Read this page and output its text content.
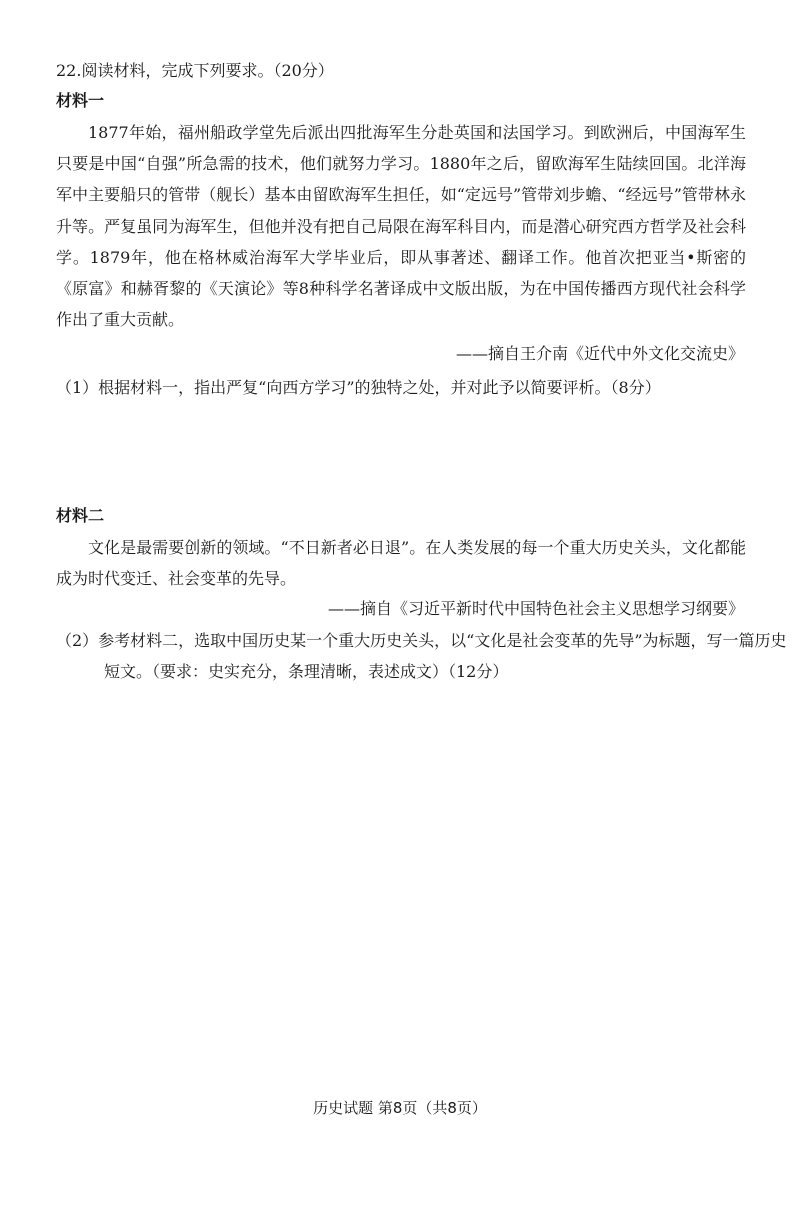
22.阅读材料，完成下列要求。（20分）
材料一

1877年始，福州船政学堂先后派出四批海军生分赴英国和法国学习。到欧洲后，中国海军生只要是中国“自强”所急需的技术，他们就努力学习。1880年之后，留欧海军生陆续回国。北洋海军中主要船只的管带（舰长）基本由留欧海军生担任，如“定远号”管带刘步蟾、“经远号”管带林永升等。严复虽同为海军生，但他并没有把自己局限在海军科目内，而是潜心研究西方哲学及社会科学。1879年，他在格林威治海军大学毕业后，即从事著述、翻译工作。他首次把亚当•斯密的《原富》和赫胥黎的《天演论》等8种科学名著译成中文版出版，为在中国传播西方现代社会科学作出了重大贡献。

——摘自王介南《近代中外文化交流史》

（1）根据材料一，指出严复“向西方学习”的独特之处，并对此予以简要评析。（8分）

材料二

文化是最需要创新的领域。“不日新者必日退”。在人类发展的每一个重大历史关头，文化都能成为时代变迁、社会变革的先导。

——摘自《习近平新时代中国特色社会主义思想学习纲要》

（2）参考材料二，选取中国历史某一个重大历史关头，以“文化是社会变革的先导”为标题，写一篇历史短文。（要求：史实充分，条理清晰，表述成文）（12分）

历史试题 第8页（共8页）
